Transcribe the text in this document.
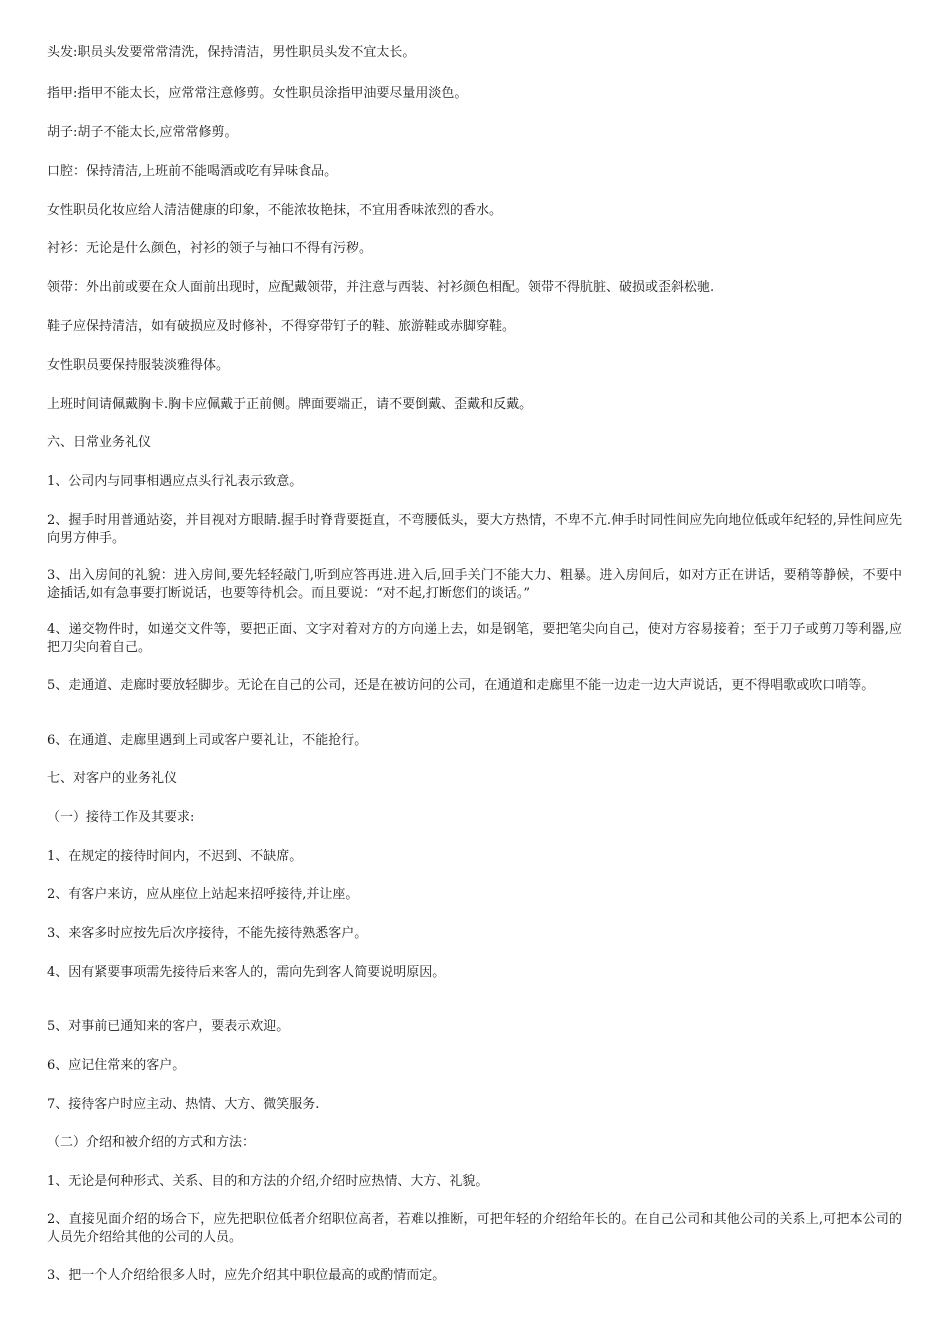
头发:职员头发要常常清洗，保持清洁，男性职员头发不宜太长。

指甲:指甲不能太长，应常常注意修剪。女性职员涂指甲油要尽量用淡色。

胡子:胡子不能太长,应常常修剪。

口腔：保持清洁,上班前不能喝酒或吃有异味食品。

女性职员化妆应给人清洁健康的印象，不能浓妆艳抹，不宜用香味浓烈的香水。

衬衫：无论是什么颜色，衬衫的领子与袖口不得有污秽。

领带：外出前或要在众人面前出现时，应配戴领带，并注意与西装、衬衫颜色相配。领带不得肮脏、破损或歪斜松驰.

鞋子应保持清洁，如有破损应及时修补，不得穿带钉子的鞋、旅游鞋或赤脚穿鞋。

女性职员要保持服装淡雅得体。

上班时间请佩戴胸卡.胸卡应佩戴于正前侧。牌面要端正，请不要倒戴、歪戴和反戴。

六、日常业务礼仪

1、公司内与同事相遇应点头行礼表示致意。

2、握手时用普通站姿，并目视对方眼睛.握手时脊背要挺直，不弯腰低头，要大方热情，不卑不亢.伸手时同性间应先向地位低或年纪轻的,异性间应先向男方伸手。

3、出入房间的礼貌：进入房间,要先轻轻敲门,听到应答再进.进入后,回手关门不能大力、粗暴。进入房间后，如对方正在讲话，要稍等静候，不要中途插话,如有急事要打断说话，也要等待机会。而且要说：“对不起,打断您们的谈话。”

4、递交物件时，如递交文件等，要把正面、文字对着对方的方向递上去，如是钢笔，要把笔尖向自己，使对方容易接着；至于刀子或剪刀等利器,应把刀尖向着自己。

5、走通道、走廊时要放轻脚步。无论在自己的公司，还是在被访问的公司，在通道和走廊里不能一边走一边大声说话，更不得唱歌或吹口哨等。

6、在通道、走廊里遇到上司或客户要礼让，不能抢行。

七、对客户的业务礼仪

（一）接待工作及其要求:

1、在规定的接待时间内，不迟到、不缺席。

2、有客户来访，应从座位上站起来招呼接待,并让座。

3、来客多时应按先后次序接待，不能先接待熟悉客户。

4、因有紧要事项需先接待后来客人的，需向先到客人简要说明原因。

5、对事前已通知来的客户，要表示欢迎。

6、应记住常来的客户。

7、接待客户时应主动、热情、大方、微笑服务.

（二）介绍和被介绍的方式和方法：

1、无论是何种形式、关系、目的和方法的介绍,介绍时应热情、大方、礼貌。

2、直接见面介绍的场合下，应先把职位低者介绍职位高者，若难以推断，可把年轻的介绍给年长的。在自己公司和其他公司的关系上,可把本公司的人员先介绍给其他的公司的人员。

3、把一个人介绍给很多人时，应先介绍其中职位最高的或酌情而定。
